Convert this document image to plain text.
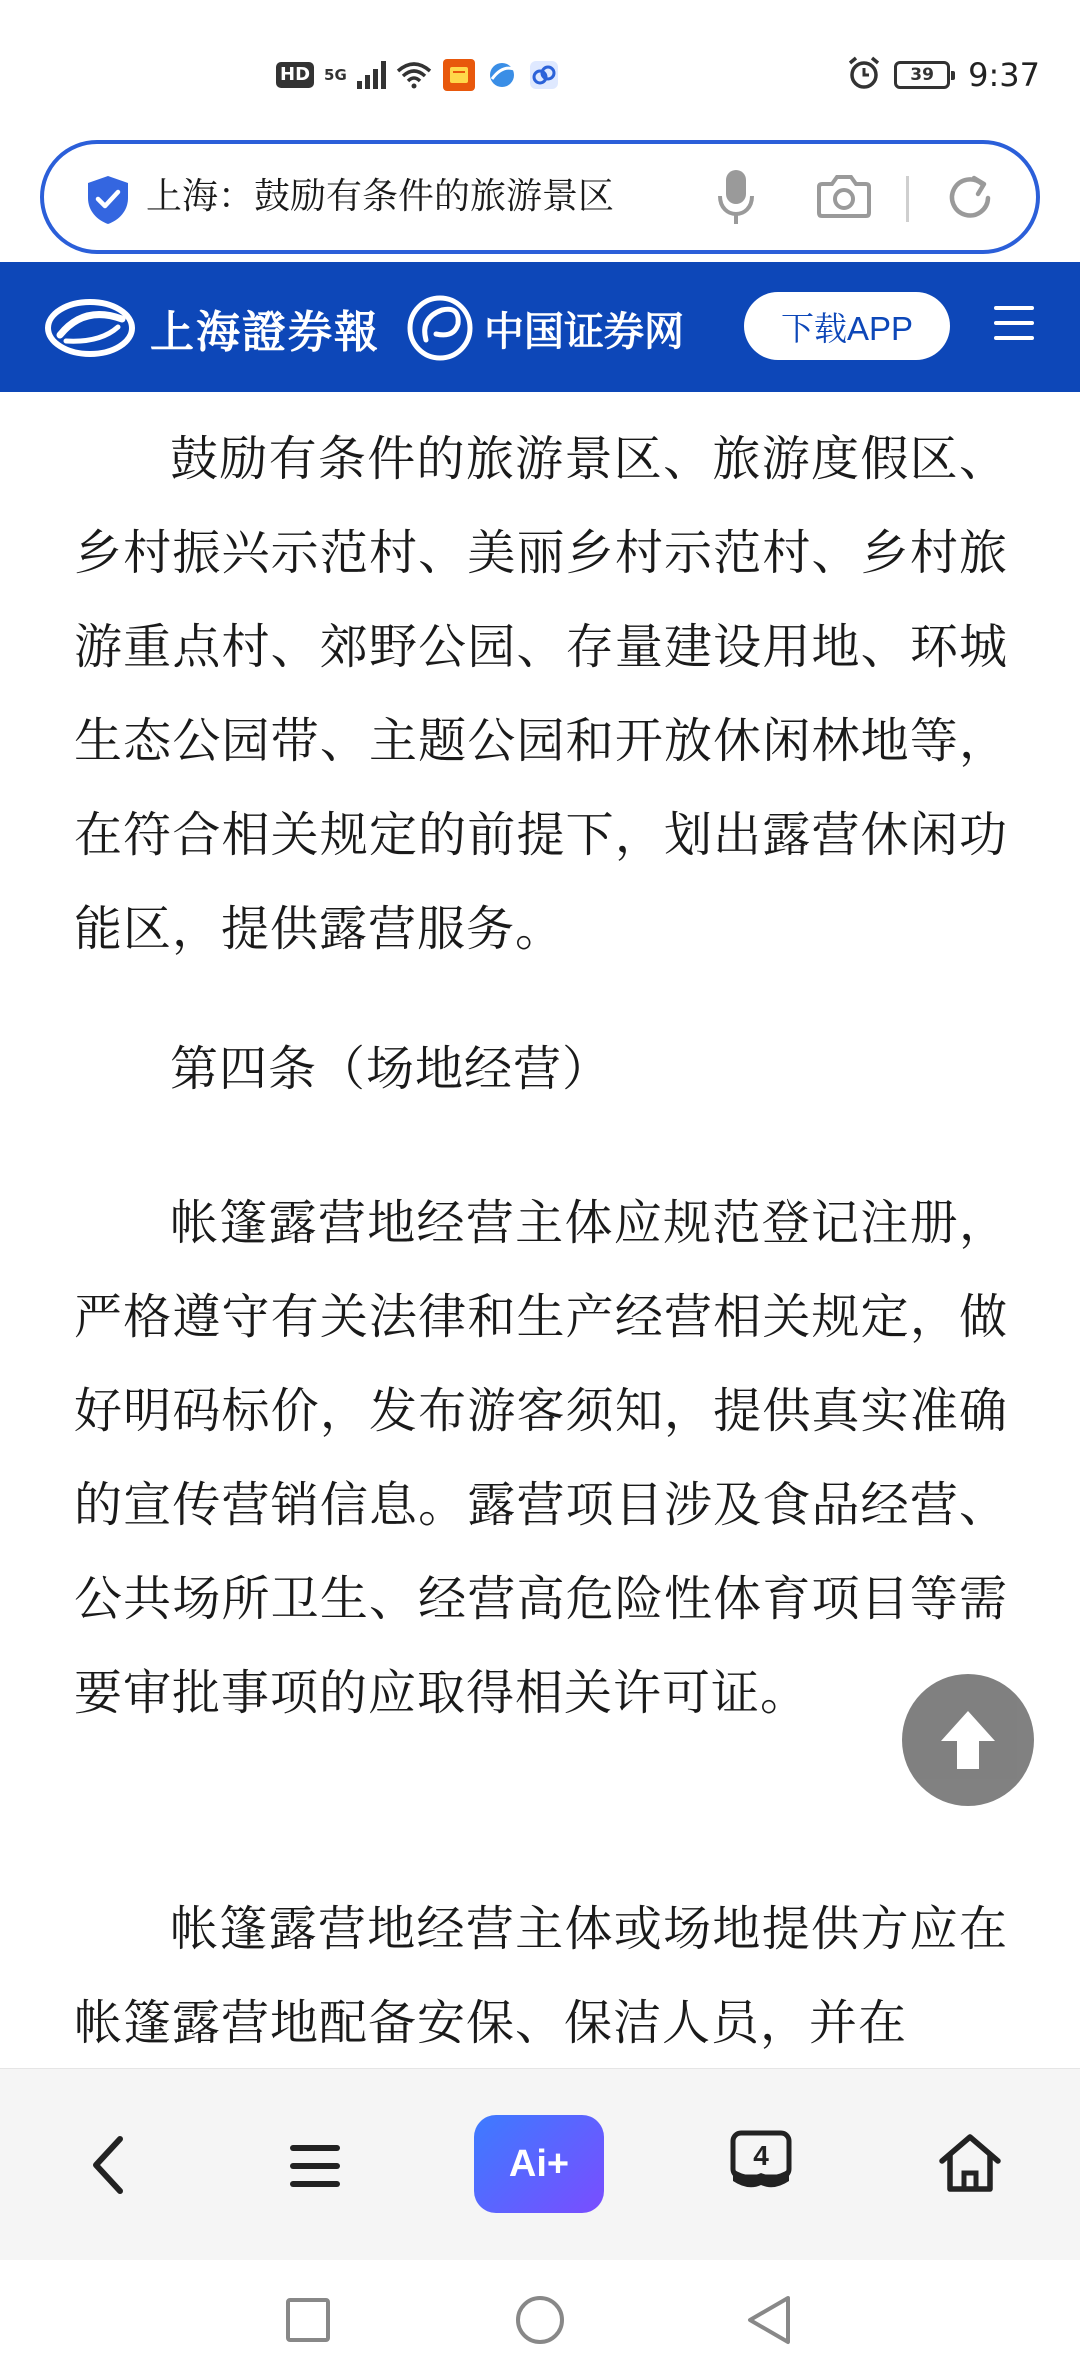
HD 5G	39	9:37
上海：鼓励有条件的旅游景区
上海證券報	中国证券网	下载APP

鼓励有条件的旅游景区、旅游度假区、乡村振兴示范村、美丽乡村示范村、乡村旅游重点村、郊野公园、存量建设用地、环城生态公园带、主题公园和开放休闲林地等，在符合相关规定的前提下，划出露营休闲功能区，提供露营服务。

第四条（场地经营）

帐篷露营地经营主体应规范登记注册，严格遵守有关法律和生产经营相关规定，做好明码标价，发布游客须知，提供真实准确的宣传营销信息。露营项目涉及食品经营、公共场所卫生、经营高危险性体育项目等需要审批事项的应取得相关许可证。

帐篷露营地经营主体或场地提供方应在帐篷露营地配备安保、保洁人员，并在

Ai+	4
